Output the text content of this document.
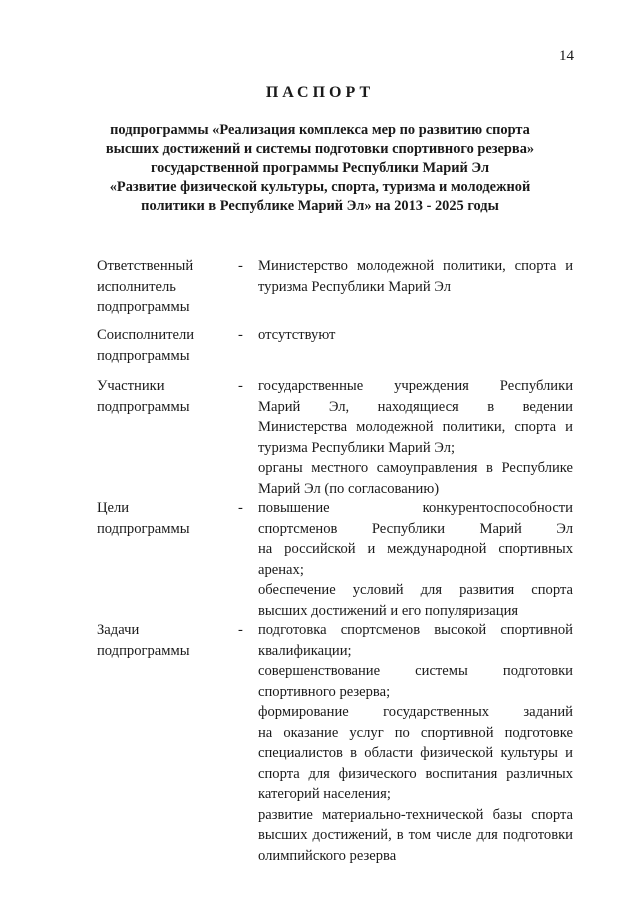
14
ПАСПОРТ
подпрограммы «Реализация комплекса мер по развитию спорта
высших достижений и системы подготовки спортивного резерва»
государственной программы Республики Марий Эл
«Развитие физической культуры, спорта, туризма и молодежной
политики в Республике Марий Эл» на 2013 - 2025 годы
Ответственный
исполнитель
подпрограммы
- Министерство молодежной политики, спорта и
туризма Республики Марий Эл
Соисполнители
подпрограммы
- отсутствуют
Участники
подпрограммы
- государственные учреждения Республики
Марий Эл, находящиеся в ведении
Министерства молодежной политики, спорта и
туризма Республики Марий Эл;
органы местного самоуправления в Республике
Марий Эл (по согласованию)
Цели
подпрограммы
- повышение конкурентоспособности
спортсменов Республики Марий Эл
на российской и международной спортивных
аренах;
обеспечение условий для развития спорта
высших достижений и его популяризация
Задачи
подпрограммы
- подготовка спортсменов высокой спортивной
квалификации;
совершенствование системы подготовки
спортивного резерва;
формирование государственных заданий
на оказание услуг по спортивной подготовке
специалистов в области физической культуры и
спорта для физического воспитания различных
категорий населения;
развитие материально-технической базы спорта
высших достижений, в том числе для подготовки
олимпийского резерва
